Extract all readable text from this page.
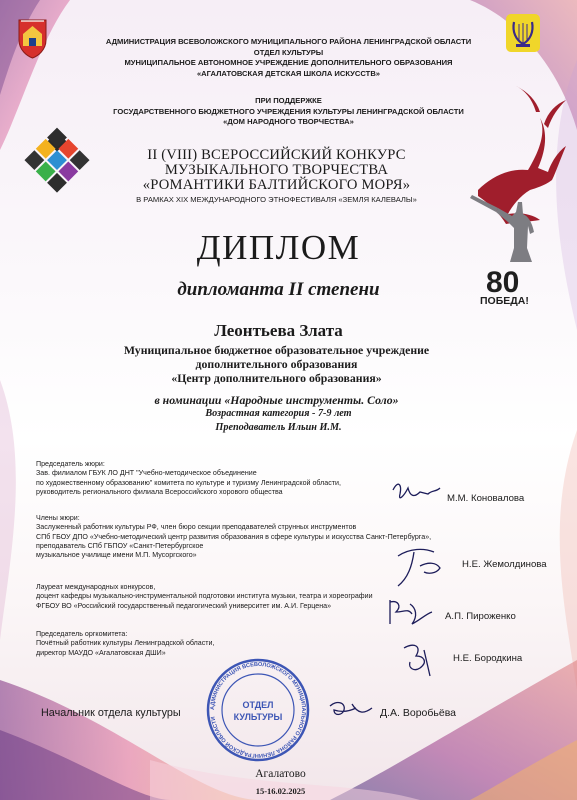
80
ПОБЕДА!
АДМИНИСТРАЦИЯ ВСЕВОЛОЖСКОГО МУНИЦИПАЛЬНОГО РАЙОНА ЛЕНИНГРАДСКОЙ ОБЛАСТИ
ОТДЕЛ
КУЛЬТУРЫ
АДМИНИСТРАЦИЯ ВСЕВОЛОЖСКОГО МУНИЦИПАЛЬНОГО РАЙОНА ЛЕНИНГРАДСКОЙ ОБЛАСТИ
ОТДЕЛ КУЛЬТУРЫ
МУНИЦИПАЛЬНОЕ АВТОНОМНОЕ УЧРЕЖДЕНИЕ ДОПОЛНИТЕЛЬНОГО ОБРАЗОВАНИЯ
«АГАЛАТОВСКАЯ ДЕТСКАЯ ШКОЛА ИСКУССТВ»
ПРИ ПОДДЕРЖКЕ
ГОСУДАРСТВЕННОГО БЮДЖЕТНОГО УЧРЕЖДЕНИЯ КУЛЬТУРЫ ЛЕНИНГРАДСКОЙ ОБЛАСТИ
«ДОМ НАРОДНОГО ТВОРЧЕСТВА»
II (VIII) ВСЕРОССИЙСКИЙ КОНКУРС
МУЗЫКАЛЬНОГО ТВОРЧЕСТВА
«РОМАНТИКИ БАЛТИЙСКОГО МОРЯ»
В РАМКАХ XIX МЕЖДУНАРОДНОГО ЭТНОФЕСТИВАЛЯ «ЗЕМЛЯ КАЛЕВАЛЫ»
ДИПЛОМ
дипломанта II степени
Леонтьева Злата
Муниципальное бюджетное образовательное учреждение
дополнительного образования
«Центр дополнительного образования»
в номинации «Народные инструменты. Соло»
Возрастная категория - 7-9 лет
Преподаватель Ильин И.М.
Председатель жюри:
Зав. филиалом ГБУК ЛО ДНТ "Учебно-методическое объединение
по художественному образованию" комитета по культуре и туризму Ленинградской области,
руководитель регионального филиала Всероссийского хорового общества
М.М. Коновалова
Члены жюри:
Заслуженный работник культуры РФ, член бюро секции преподавателей струнных инструментов
СПб ГБОУ ДПО «Учебно-методический центр развития образования в сфере культуры и искусства Санкт-Петербурга»,
преподаватель СПб ГБПОУ «Санкт-Петербургское
музыкальное училище имени М.П. Мусоргского»
Н.Е. Жемолдинова
Лауреат международных конкурсов,
доцент кафедры музыкально-инструментальной подготовки института музыки, театра и хореографии
ФГБОУ ВО «Российский государственный педагогический университет им. А.И. Герцена»
А.П. Пироженко
Председатель оргкомитета:
Почётный работник культуры Ленинградской области,
директор МАУДО «Агалатовская ДШИ»
Н.Е. Бородкина
Начальник отдела культуры	Д.А. Воробьёва
Агалатово
15-16.02.2025
